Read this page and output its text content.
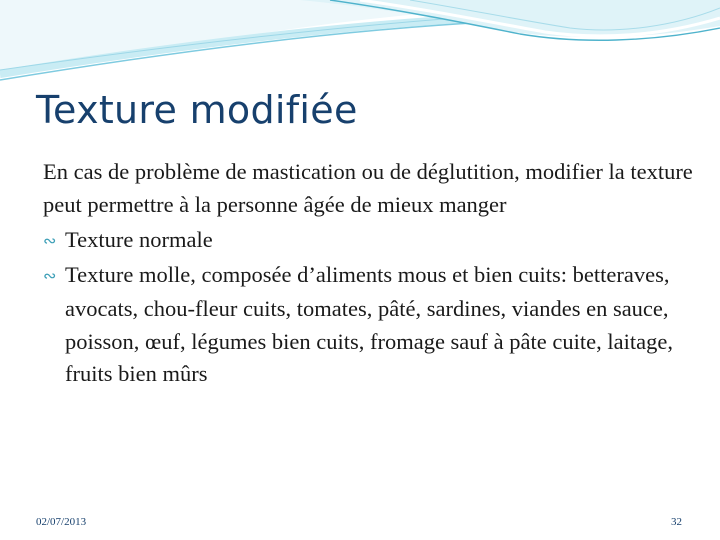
Texture modifiée

En cas de problème de mastication ou de déglutition, modifier la texture peut permettre à la personne âgée de mieux manger

∾ Texture normale

∾ Texture molle, composée d’aliments mous et bien cuits: betteraves, avocats, chou-fleur cuits, tomates, pâté, sardines, viandes en sauce, poisson, œuf, légumes bien cuits, fromage sauf à pâte cuite, laitage, fruits bien mûrs

02/07/2013	32
